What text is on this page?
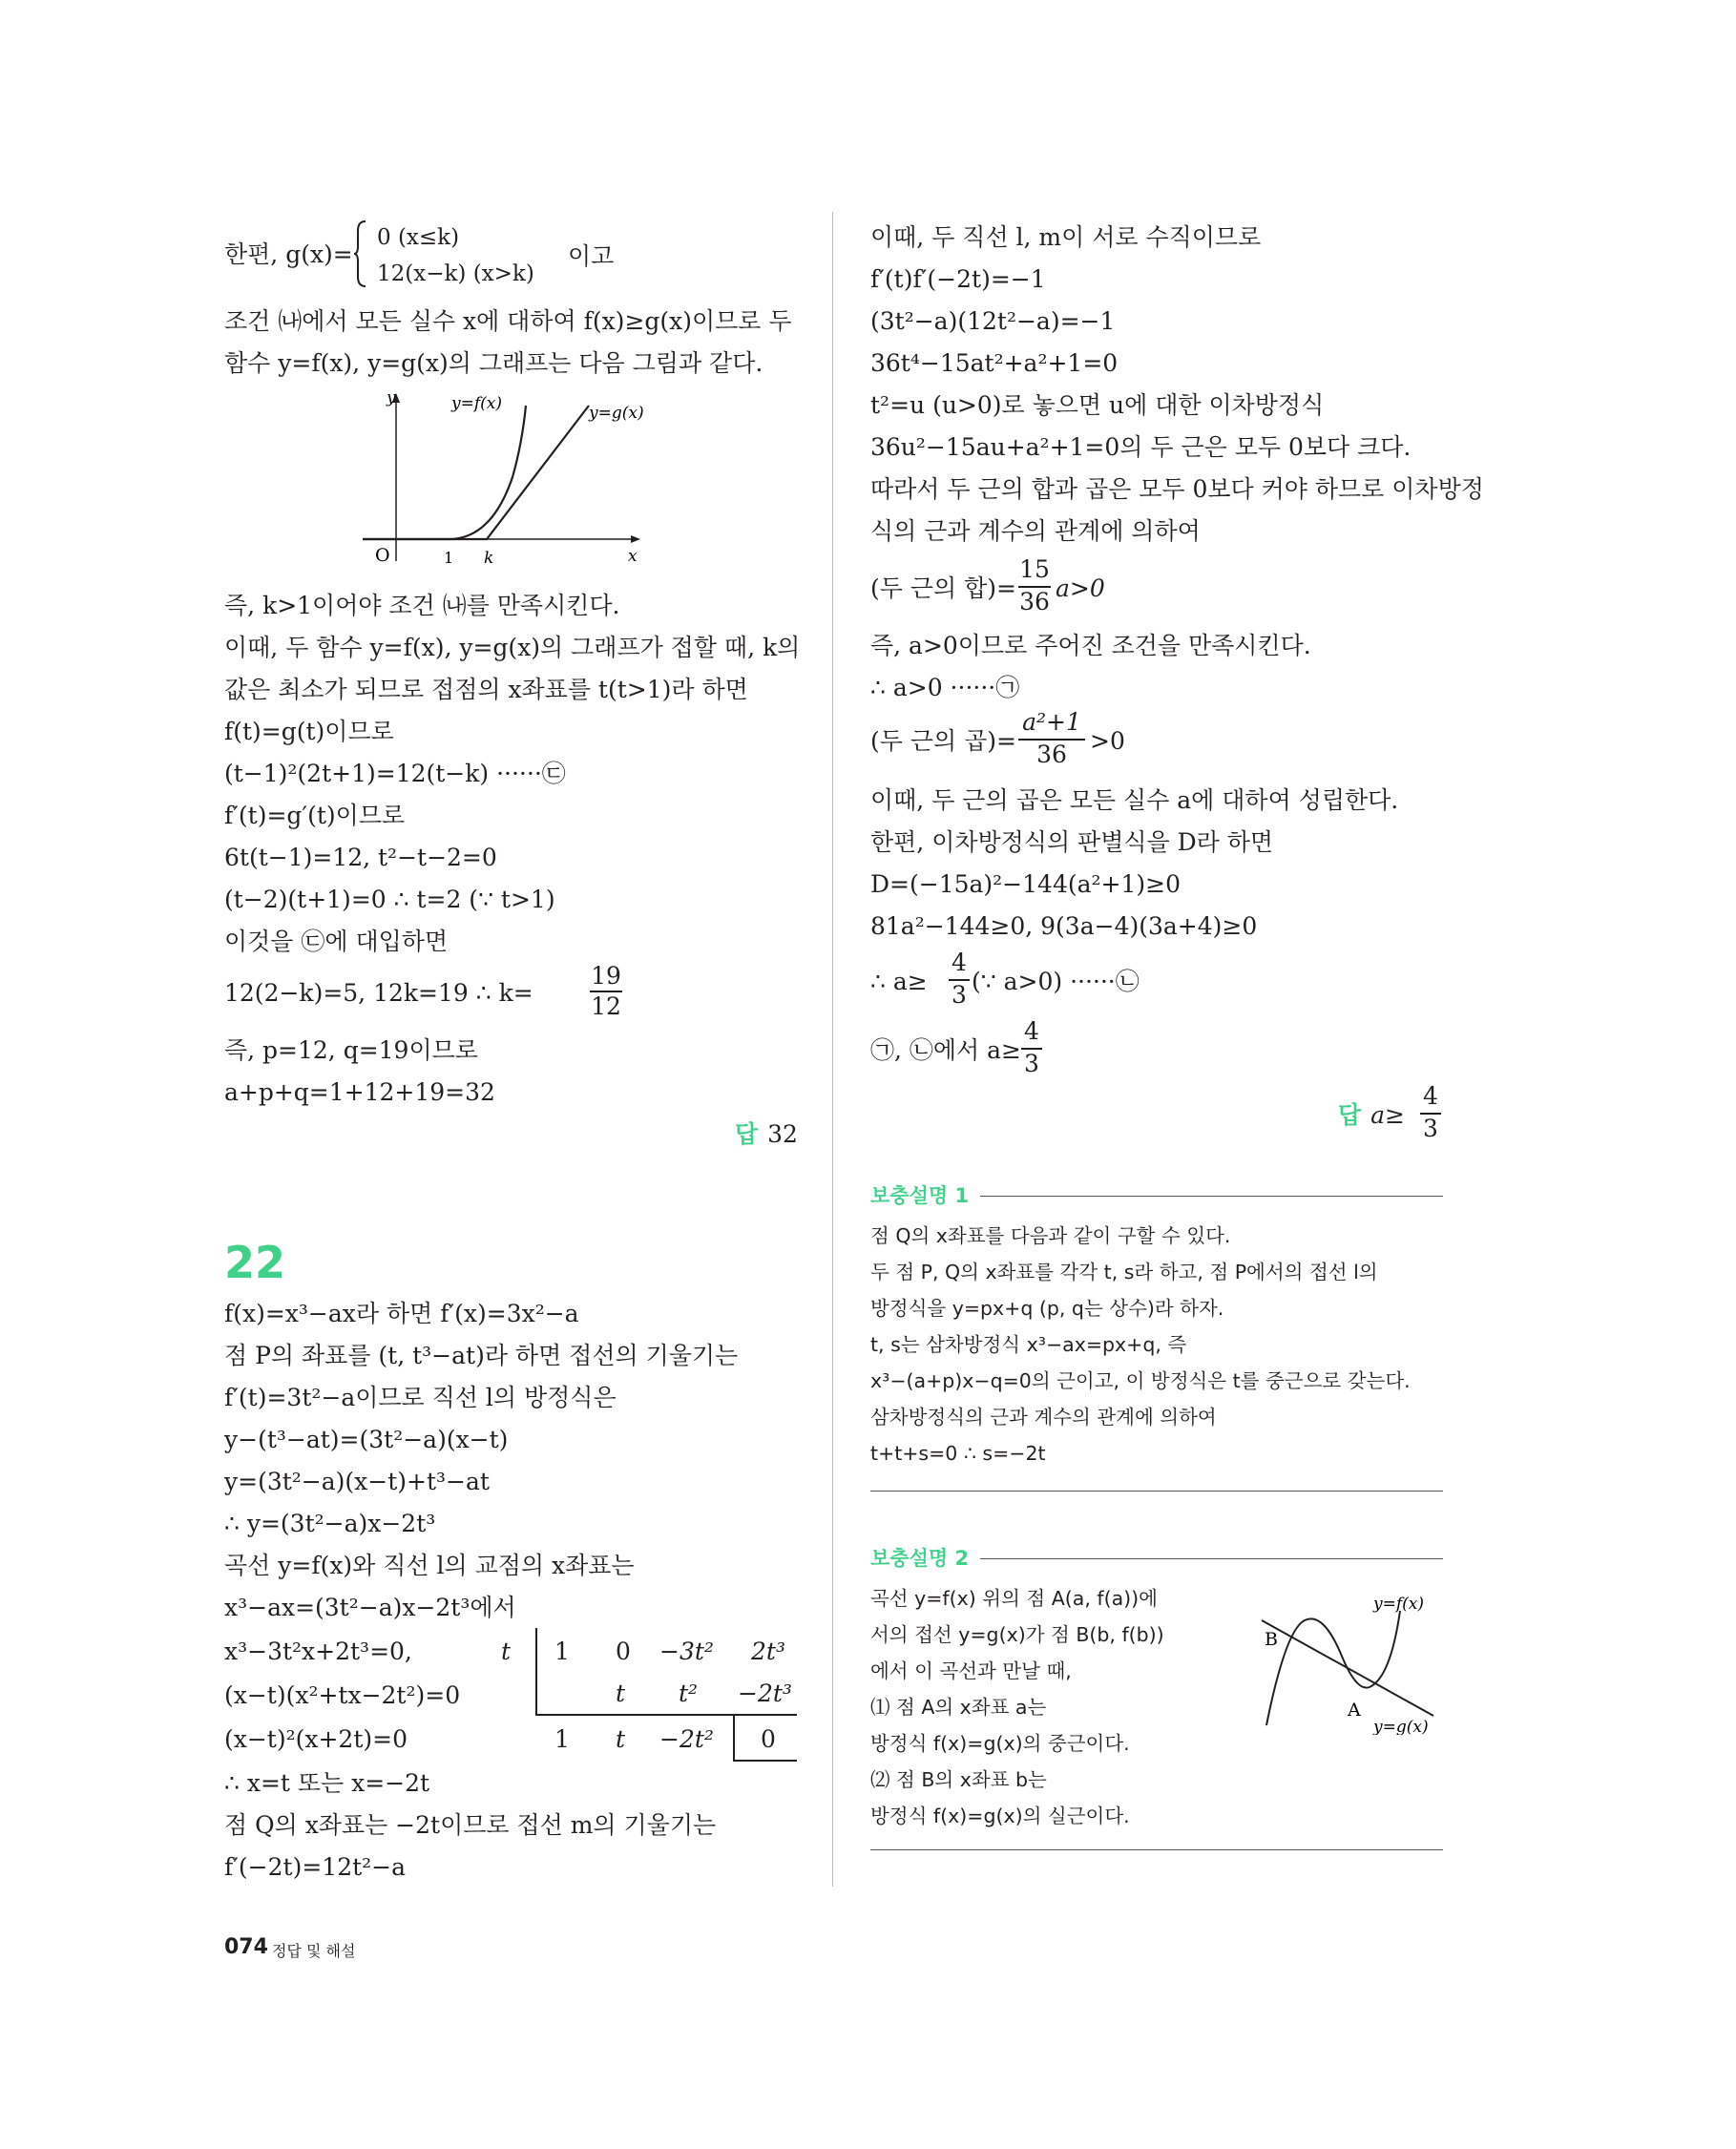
한편, g(x)=
0 (x≤k)
12(x−k) (x>k)
이고
조건 ㈏에서 모든 실수 x에 대하여 f(x)≥g(x)이므로 두
함수 y=f(x), y=g(x)의 그래프는 다음 그림과 같다.
y
x
O	1 k
y=f(x)	y=g(x)
즉, k>1이어야 조건 ㈏를 만족시킨다.
이때, 두 함수 y=f(x), y=g(x)의 그래프가 접할 때, k의
값은 최소가 되므로 접점의 x좌표를 t(t>1)라 하면
f(t)=g(t)이므로
(t−1)²(2t+1)=12(t−k) ······㉢
f′(t)=g′(t)이므로
6t(t−1)=12, t²−t−2=0
(t−2)(t+1)=0 ∴ t=2 (∵ t>1)
이것을 ㉢에 대입하면
12(2−k)=5, 12k=19 ∴ k=
19
12
즉, p=12, q=19이므로
a+p+q=1+12+19=32
답 32
22
f(x)=x³−ax라 하면 f′(x)=3x²−a
점 P의 좌표를 (t, t³−at)라 하면 접선의 기울기는
f′(t)=3t²−a이므로 직선 l의 방정식은
y−(t³−at)=(3t²−a)(x−t)
y=(3t²−a)(x−t)+t³−at
∴ y=(3t²−a)x−2t³
곡선 y=f(x)와 직선 l의 교점의 x좌표는
x³−ax=(3t²−a)x−2t³에서
x³−3t²x+2t³=0,
(x−t)(x²+tx−2t²)=0
(x−t)²(x+2t)=0
∴ x=t 또는 x=−2t
점 Q의 x좌표는 −2t이므로 접선 m의 기울기는
f′(−2t)=12t²−a
t 1 0 −3t² 2t³
t t² −2t³
1 t −2t² 0
이때, 두 직선 l, m이 서로 수직이므로
f′(t)f′(−2t)=−1
(3t²−a)(12t²−a)=−1
36t⁴−15at²+a²+1=0
t²=u (u>0)로 놓으면 u에 대한 이차방정식
36u²−15au+a²+1=0의 두 근은 모두 0보다 크다.
따라서 두 근의 합과 곱은 모두 0보다 커야 하므로 이차방정
식의 근과 계수의 관계에 의하여
(두 근의 합)=
15
36 a>0
즉, a>0이므로 주어진 조건을 만족시킨다.
∴ a>0 ······㉠
(두 근의 곱)=
a²+1
36 >0
이때, 두 근의 곱은 모든 실수 a에 대하여 성립한다.
한편, 이차방정식의 판별식을 D라 하면
D=(−15a)²−144(a²+1)≥0
81a²−144≥0, 9(3a−4)(3a+4)≥0
∴ a≥
4
3 (∵ a>0) ······㉡
㉠, ㉡에서 a≥
4
3
답 a≥
4
3
보충설명 1
점 Q의 x좌표를 다음과 같이 구할 수 있다.
두 점 P, Q의 x좌표를 각각 t, s라 하고, 점 P에서의 접선 l의
방정식을 y=px+q (p, q는 상수)라 하자.
t, s는 삼차방정식 x³−ax=px+q, 즉
x³−(a+p)x−q=0의 근이고, 이 방정식은 t를 중근으로 갖는다.
삼차방정식의 근과 계수의 관계에 의하여
t+t+s=0 ∴ s=−2t
보충설명 2
곡선 y=f(x) 위의 점 A(a, f(a))에
서의 접선 y=g(x)가 점 B(b, f(b))
에서 이 곡선과 만날 때,
⑴ 점 A의 x좌표 a는
방정식 f(x)=g(x)의 중근이다.
⑵ 점 B의 x좌표 b는
방정식 f(x)=g(x)의 실근이다.
y=f(x)
y=g(x)
B
A
074 정답 및 해설
